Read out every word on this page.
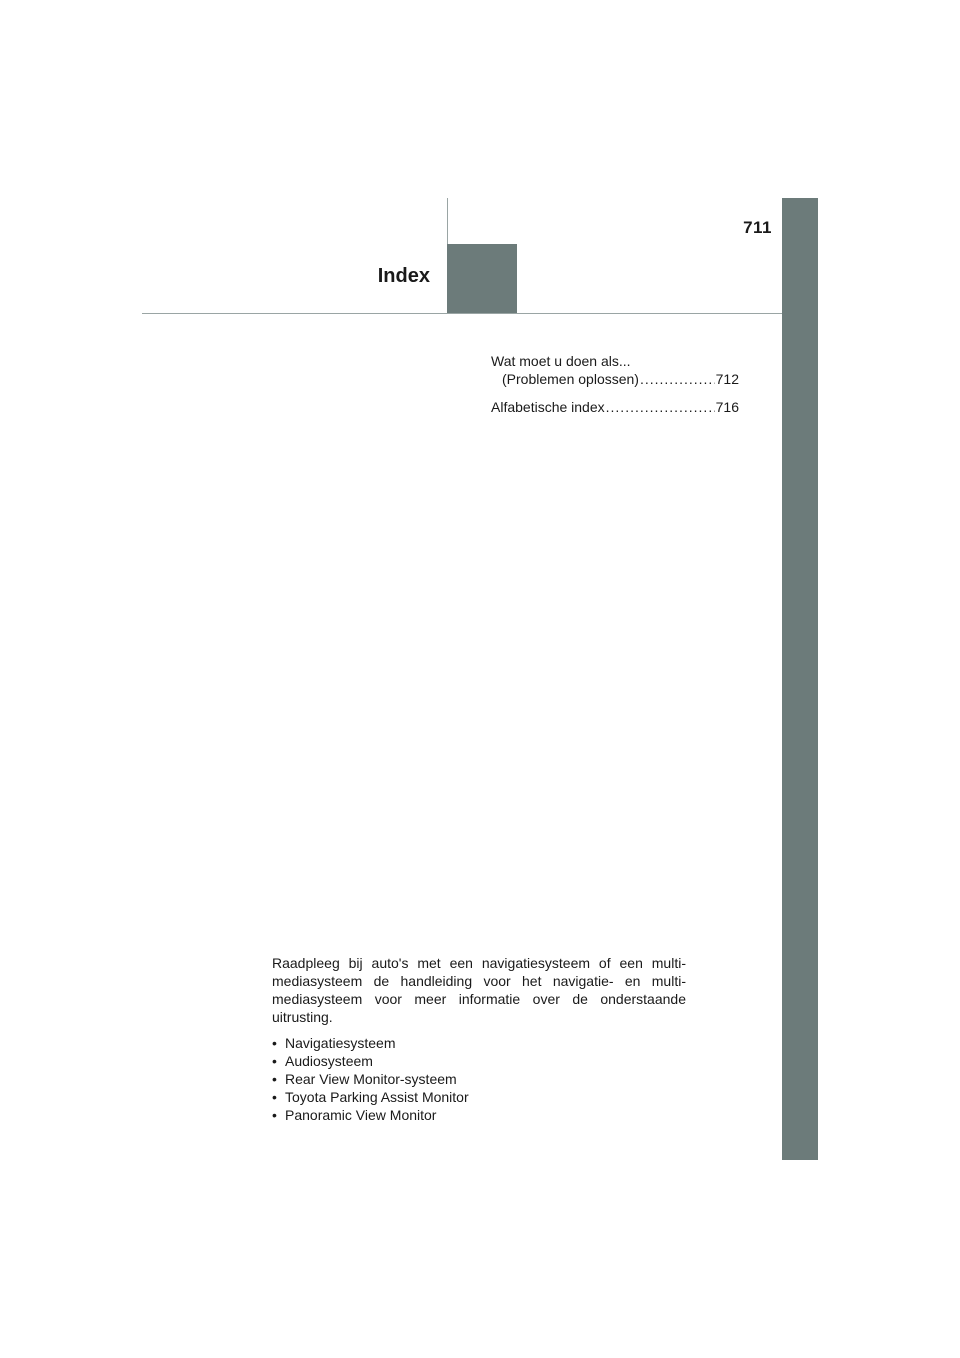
711
Index
Wat moet u doen als...
(Problemen oplossen) .....	712
Alfabetische index .....	716

Raadpleeg bij auto's met een navigatiesysteem of een multi-mediasysteem de handleiding voor het navigatie- en multi-mediasysteem voor meer informatie over de onderstaande uitrusting.

• Navigatiesysteem
• Audiosysteem
• Rear View Monitor-systeem
• Toyota Parking Assist Monitor
• Panoramic View Monitor
